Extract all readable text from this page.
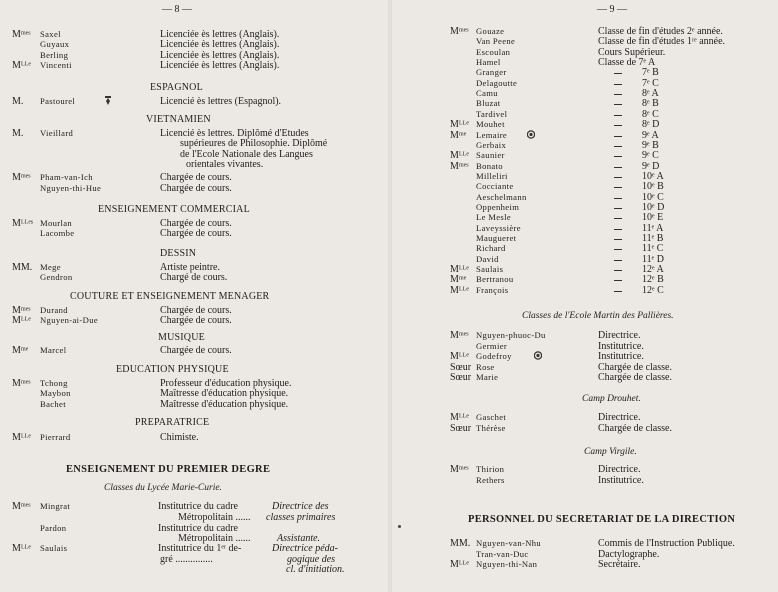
— 8 —
Mᵐᵉˢ Saxel	Licenciée ès lettres (Anglais).
Guyaux	Licenciée ès lettres (Anglais).
Berling	Licenciée ès lettres (Anglais).
Mᴸᴸᵉ Vincenti	Licenciée ès lettres (Anglais).
ESPAGNOL
M. Pastourel	Licencié ès lettres (Espagnol).
VIETNAMIEN
M. Vieillard	Licencié ès lettres. Diplômé d'Etudes
supérieures de Philosophie. Diplômé
de l'Ecole Nationale des Langues
orientales vivantes.
Mᵐᵉˢ Pham-van-Ich	Chargée de cours.
Nguyen-thi-Hue	Chargée de cours.
ENSEIGNEMENT COMMERCIAL
Mᴸᴸᵉˢ Mourlan	Chargée de cours.
Lacombe	Chargée de cours.
DESSIN
MM. Mege	Artiste peintre.
Gendron	Chargé de cours.
COUTURE ET ENSEIGNEMENT MENAGER
Mᵐᵉˢ Durand	Chargée de cours.
Mᴸᴸᵉ Nguyen-ai-Due	Chargée de cours.
MUSIQUE
Mᵐᵉ Marcel	Chargée de cours.
EDUCATION PHYSIQUE
Mᵐᵉˢ Tchong	Professeur d'éducation physique.
Maybon	Maîtresse d'éducation physique.
Bachet	Maîtresse d'éducation physique.
PREPARATRICE
Mᴸᴸᵉ Pierrard	Chimiste.
ENSEIGNEMENT DU PREMIER DEGRE
Classes du Lycée Marie-Curie.
Mᵐᵉˢ Mingrat	Institutrice du cadre	Directrice des
Métropolitain ...... classes primaires
Pardon	Institutrice du cadre
Métropolitain ......	Assistante.
Mᴸᴸᵉ Saulais	Institutrice du 1ᵉʳ de-	Directrice péda-
gré ...............	gogique des
cl. d'initiation.
— 9 —
Mᵐᵉˢ Gouaze	Classe de fin d'études 2ᵉ année.
Van Peene	Classe de fin d'études 1ʳᵉ année.
Escoulan	Cours Supérieur.
Hamel	Classe de 7ᵉ A
Granger	7ᵉ B
Delagoutte	7ᵉ C
Camu	8ᵉ A
Bluzat	8ᵉ B
Tardivel	8ᵉ C
Mᴸᴸᵉ Mouhet	8ᵉ D
Mᵐᵉ Lemaire	9ᵉ A
Gerbaix	9ᵉ B
Mᴸᴸᵉ Saunier	9ᵉ C
Mᵐᵉˢ Bonato	9ᵉ D
Milleliri	10ᵉ A
Cocciante	10ᵉ B
Aeschelmann	10ᵉ C
Oppenheim	10ᵉ D
Le Mesle	10ᵉ E
Laveyssière	11ᵉ A
Maugueret	11ᵉ B
Richard	11ᵉ C
David	11ᵉ D
Mᴸᴸᵉ Saulais	12ᵉ A
Mᵐᵉ Bertranou	12ᵉ B
Mᴸᴸᵉ François	12ᵉ C
Classes de l'Ecole Martin des Pallières.
Mᵐᵉˢ Nguyen-phuoc-Du	Directrice.
Germier	Institutrice.
Mᴸᴸᵉ Godefroy	Institutrice.
Sœur Rose	Chargée de classe.
Sœur Marie	Chargée de classe.
Camp Drouhet.
Mᴸᴸᵉ Gaschet	Directrice.
Sœur Thérèse	Chargée de classe.
Camp Virgile.
Mᵐᵉˢ Thirion	Directrice.
Rethers	Institutrice.
PERSONNEL DU SECRETARIAT DE LA DIRECTION
MM. Nguyen-van-Nhu	Commis de l'Instruction Publique.
Tran-van-Duc	Dactylographe.
Mᴸᴸᵉ Nguyen-thi-Nan	Secrétaire.
